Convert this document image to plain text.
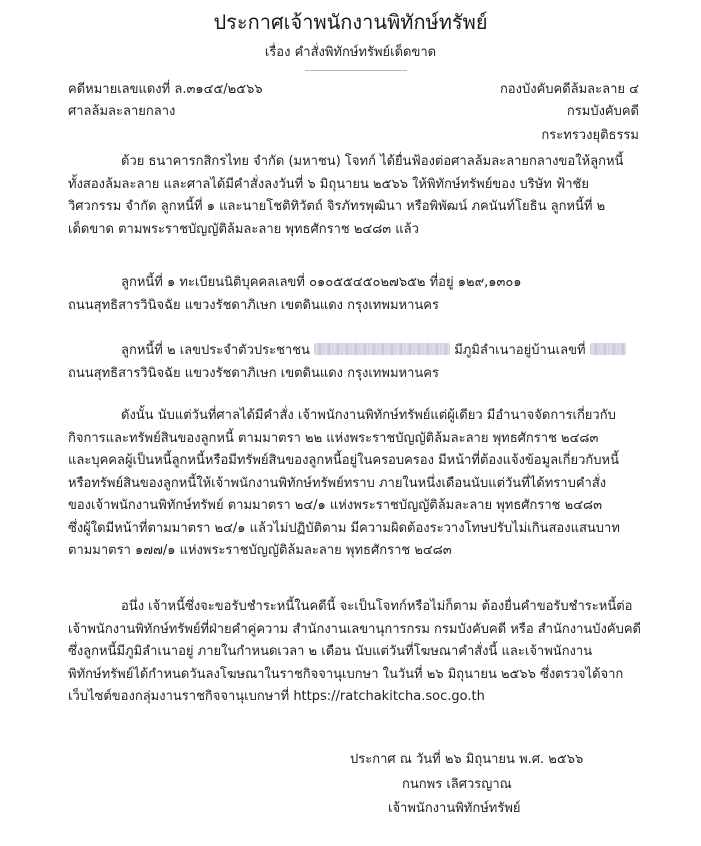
ประกาศเจ้าพนักงานพิทักษ์ทรัพย์
เรื่อง คำสั่งพิทักษ์ทรัพย์เด็ดขาด
คดีหมายเลขแดงที่ ล.๓๑๔๕/๒๕๖๖
ศาลล้มละลายกลาง
กองบังคับคดีล้มละลาย ๔
กรมบังคับคดี
กระทรวงยุติธรรม
ด้วย ธนาคารกสิกรไทย จำกัด (มหาชน) โจทก์ ได้ยื่นฟ้องต่อศาลล้มละลายกลางขอให้ลูกหนี้
ทั้งสองล้มละลาย และศาลได้มีคำสั่งลงวันที่ ๖ มิถุนายน ๒๕๖๖ ให้พิทักษ์ทรัพย์ของ บริษัท ฟ้าชัย
วิศวกรรม จำกัด ลูกหนี้ที่ ๑ และนายโชติทิวัตถ์ จิรภัทรพุฒินา หรือพิพัฒน์ ภคนันท์โยธิน ลูกหนี้ที่ ๒
เด็ดขาด ตามพระราชบัญญัติล้มละลาย พุทธศักราช ๒๔๘๓ แล้ว
ลูกหนี้ที่ ๑ ทะเบียนนิติบุคคลเลขที่ ๐๑๐๕๕๔๕๐๒๗๖๕๒ ที่อยู่ ๑๒๙,๑๓๐๑
ถนนสุทธิสารวินิจฉัย แขวงรัชดาภิเษก เขตดินแดง กรุงเทพมหานคร
ลูกหนี้ที่ ๒ เลขประจำตัวประชาชน	มีภูมิลำเนาอยู่บ้านเลขที่
ถนนสุทธิสารวินิจฉัย แขวงรัชดาภิเษก เขตดินแดง กรุงเทพมหานคร
ดังนั้น นับแต่วันที่ศาลได้มีคำสั่ง เจ้าพนักงานพิทักษ์ทรัพย์แต่ผู้เดียว มีอำนาจจัดการเกี่ยวกับ
กิจการและทรัพย์สินของลูกหนี้ ตามมาตรา ๒๒ แห่งพระราชบัญญัติล้มละลาย พุทธศักราช ๒๔๘๓
และบุคคลผู้เป็นหนี้ลูกหนี้หรือมีทรัพย์สินของลูกหนี้อยู่ในครอบครอง มีหน้าที่ต้องแจ้งข้อมูลเกี่ยวกับหนี้
หรือทรัพย์สินของลูกหนี้ให้เจ้าพนักงานพิทักษ์ทรัพย์ทราบ ภายในหนึ่งเดือนนับแต่วันที่ได้ทราบคำสั่ง
ของเจ้าพนักงานพิทักษ์ทรัพย์ ตามมาตรา ๒๔/๑ แห่งพระราชบัญญัติล้มละลาย พุทธศักราช ๒๔๘๓
ซึ่งผู้ใดมีหน้าที่ตามมาตรา ๒๔/๑ แล้วไม่ปฏิบัติตาม มีความผิดต้องระวางโทษปรับไม่เกินสองแสนบาท
ตามมาตรา ๑๗๗/๑ แห่งพระราชบัญญัติล้มละลาย พุทธศักราช ๒๔๘๓
อนึ่ง เจ้าหนี้ซึ่งจะขอรับชำระหนี้ในคดีนี้ จะเป็นโจทก์หรือไม่ก็ตาม ต้องยื่นคำขอรับชำระหนี้ต่อ
เจ้าพนักงานพิทักษ์ทรัพย์ที่ฝ่ายคำคู่ความ สำนักงานเลขานุการกรม กรมบังคับคดี หรือ สำนักงานบังคับคดี
ซึ่งลูกหนี้มีภูมิลำเนาอยู่ ภายในกำหนดเวลา ๒ เดือน นับแต่วันที่โฆษณาคำสั่งนี้ และเจ้าพนักงาน
พิทักษ์ทรัพย์ได้กำหนดวันลงโฆษณาในราชกิจจานุเบกษา ในวันที่ ๒๖ มิถุนายน ๒๕๖๖ ซึ่งตรวจได้จาก
เว็บไซต์ของกลุ่มงานราชกิจจานุเบกษาที่ https://ratchakitcha.soc.go.th
ประกาศ ณ วันที่ ๒๖ มิถุนายน พ.ศ. ๒๕๖๖
กนกพร เลิศวรญาณ
เจ้าพนักงานพิทักษ์ทรัพย์
